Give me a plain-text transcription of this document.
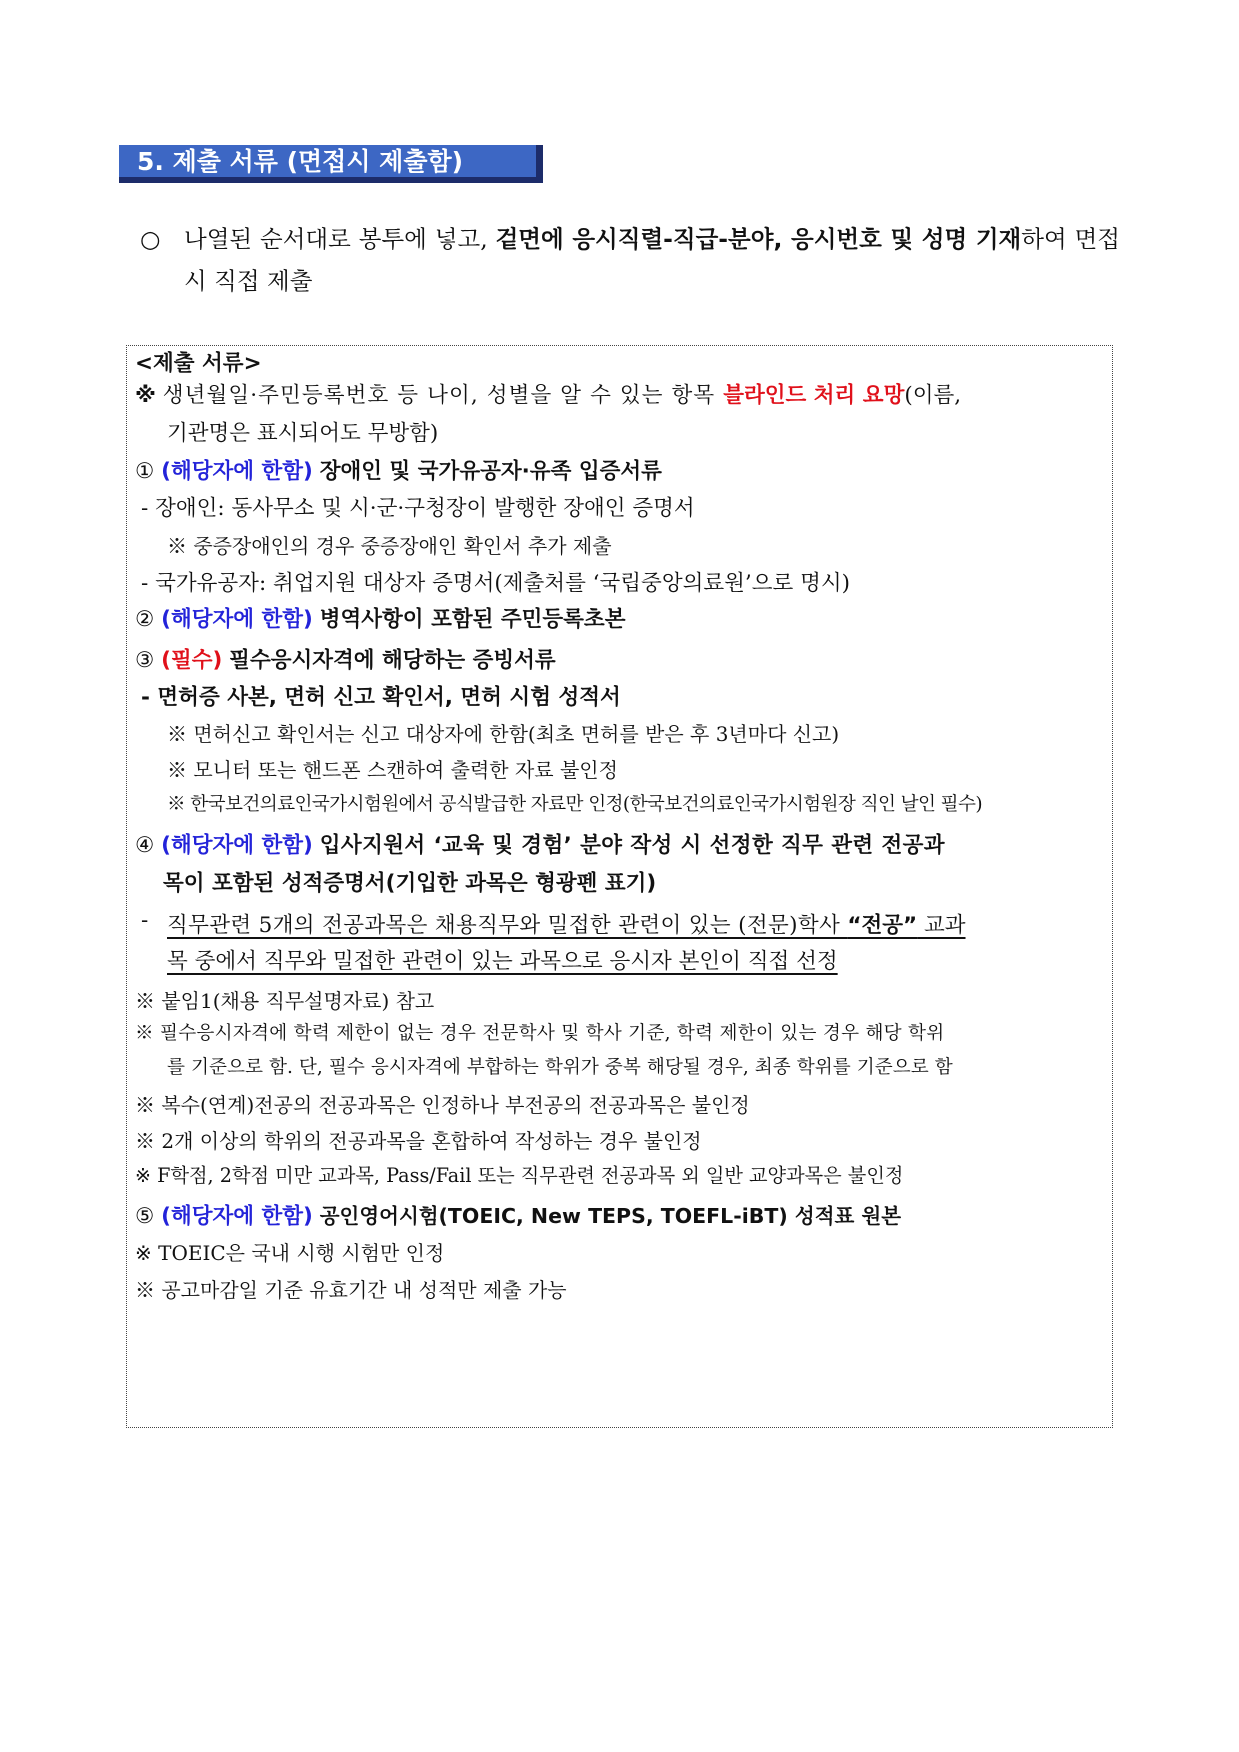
5. 제출 서류 (면접시 제출함)
○ 나열된 순서대로 봉투에 넣고, 겉면에 응시직렬-직급-분야, 응시번호 및 성명 기재하여 면접 시 직접 제출
<제출 서류>
※ 생년월일·주민등록번호 등 나이, 성별을 알 수 있는 항목 블라인드 처리 요망(이름,
기관명은 표시되어도 무방함)
① (해당자에 한함) 장애인 및 국가유공자·유족 입증서류
- 장애인: 동사무소 및 시·군·구청장이 발행한 장애인 증명서
※ 중증장애인의 경우 중증장애인 확인서 추가 제출
- 국가유공자: 취업지원 대상자 증명서(제출처를 ‘국립중앙의료원’으로 명시)
② (해당자에 한함) 병역사항이 포함된 주민등록초본
③ (필수) 필수응시자격에 해당하는 증빙서류
- 면허증 사본, 면허 신고 확인서, 면허 시험 성적서
※ 면허신고 확인서는 신고 대상자에 한함(최초 면허를 받은 후 3년마다 신고)
※ 모니터 또는 핸드폰 스캔하여 출력한 자료 불인정
※ 한국보건의료인국가시험원에서 공식발급한 자료만 인정(한국보건의료인국가시험원장 직인 날인 필수)
④ (해당자에 한함) 입사지원서 ‘교육 및 경험’ 분야 작성 시 선정한 직무 관련 전공과
목이 포함된 성적증명서(기입한 과목은 형광펜 표기)
- 직무관련 5개의 전공과목은 채용직무와 밀접한 관련이 있는 (전문)학사 “전공” 교과
목 중에서 직무와 밀접한 관련이 있는 과목으로 응시자 본인이 직접 선정
※ 붙임1(채용 직무설명자료) 참고
※ 필수응시자격에 학력 제한이 없는 경우 전문학사 및 학사 기준, 학력 제한이 있는 경우 해당 학위
를 기준으로 함. 단, 필수 응시자격에 부합하는 학위가 중복 해당될 경우, 최종 학위를 기준으로 함
※ 복수(연계)전공의 전공과목은 인정하나 부전공의 전공과목은 불인정
※ 2개 이상의 학위의 전공과목을 혼합하여 작성하는 경우 불인정
※ F학점, 2학점 미만 교과목, Pass/Fail 또는 직무관련 전공과목 외 일반 교양과목은 불인정
⑤ (해당자에 한함) 공인영어시험(TOEIC, New TEPS, TOEFL-iBT) 성적표 원본
※ TOEIC은 국내 시행 시험만 인정
※ 공고마감일 기준 유효기간 내 성적만 제출 가능
